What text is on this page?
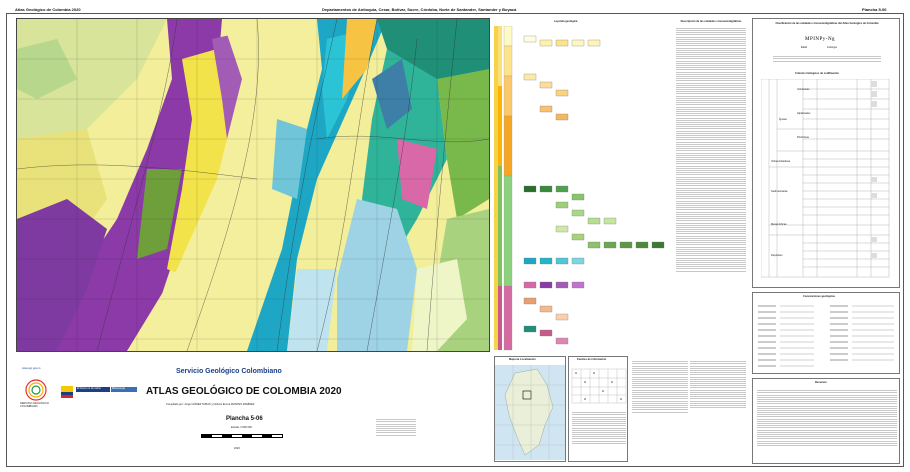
Atlas Geológico de Colombia 2020	Departamentos de Antioquia, Cesar, Bolívar, Sucre, Córdoba, Norte de Santander, Santander y Boyacá	Plancha 5-06
Leyenda geológica	Descripción de las unidades cronoestratigráficas
Servicio Geológico Colombiano
ATLAS GEOLÓGICO DE COLOMBIA 2020
Compilado por: Jorge GÓMEZ TAPIAS y Nohora Emma MONTES RAMÍREZ
Plancha 5-06
Escala: 1:500 000
2020
www.sgc.gov.co
SERVICIO GEOLÓGICO COLOMBIANO
El futuro es de todos	Minenergía
Mapa de Localización	Fuentes de información
Clasificación de las unidades cronoestratigráficas del Atlas Geológico de Colombia
MPINPy-Ng
Edad	Litología
Criterios litológicos de codificación
Ígneas
Volcánicas
Hipabisales
Plutónicas
Volcanoclásticas
Sedimentarias
Metamórficas
Depósitos
Convenciones geológicas
Resumen
